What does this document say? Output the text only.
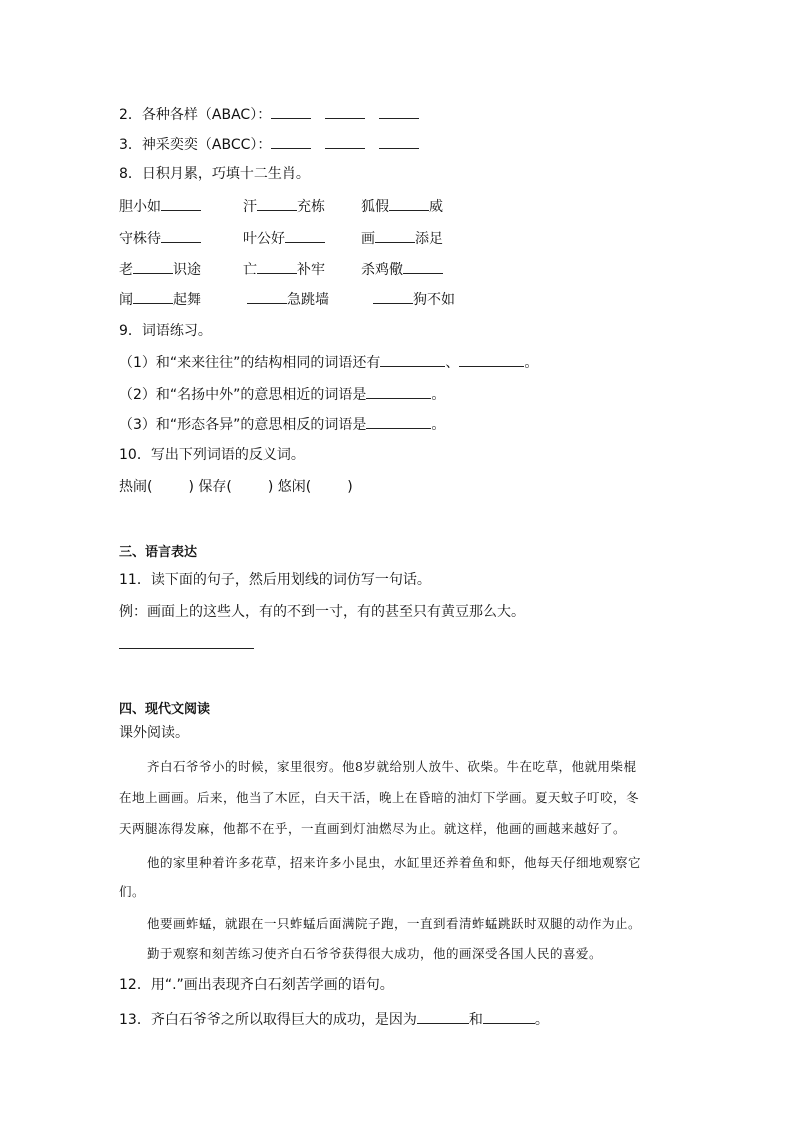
2．各种各样（ABAC）：
3．神采奕奕（ABCC）：
8．日积月累，巧填十二生肖。
胆小如	汗	充栋	狐假	威
守株待	叶公好	画	添足
老	识途	亡	补牢	杀鸡儆
闻	起舞	急跳墙	狗不如
9．词语练习。
（1）和“来来往往”的结构相同的词语还有	、	。
（2）和“名扬中外”的意思相近的词语是	。
（3）和“形态各异”的意思相反的词语是	。
10．写出下列词语的反义词。
热闹(	) 保存(	) 悠闲(	)
三、语言表达
11．读下面的句子，然后用划线的词仿写一句话。
例：画面上的这些人，有的不到一寸，有的甚至只有黄豆那么大。
四、现代文阅读
课外阅读。
齐白石爷爷小的时候，家里很穷。他8岁就给别人放牛、砍柴。牛在吃草，他就用柴棍
在地上画画。后来，他当了木匠，白天干活，晚上在昏暗的油灯下学画。夏天蚊子叮咬，冬
天两腿冻得发麻，他都不在乎，一直画到灯油燃尽为止。就这样，他画的画越来越好了。
他的家里种着许多花草，招来许多小昆虫，水缸里还养着鱼和虾，他每天仔细地观察它
们。
他要画蚱蜢，就跟在一只蚱蜢后面满院子跑，一直到看清蚱蜢跳跃时双腿的动作为止。
勤于观察和刻苦练习使齐白石爷爷获得很大成功，他的画深受各国人民的喜爱。
12．用“.”画出表现齐白石刻苦学画的语句。
13．齐白石爷爷之所以取得巨大的成功，是因为	和	。
